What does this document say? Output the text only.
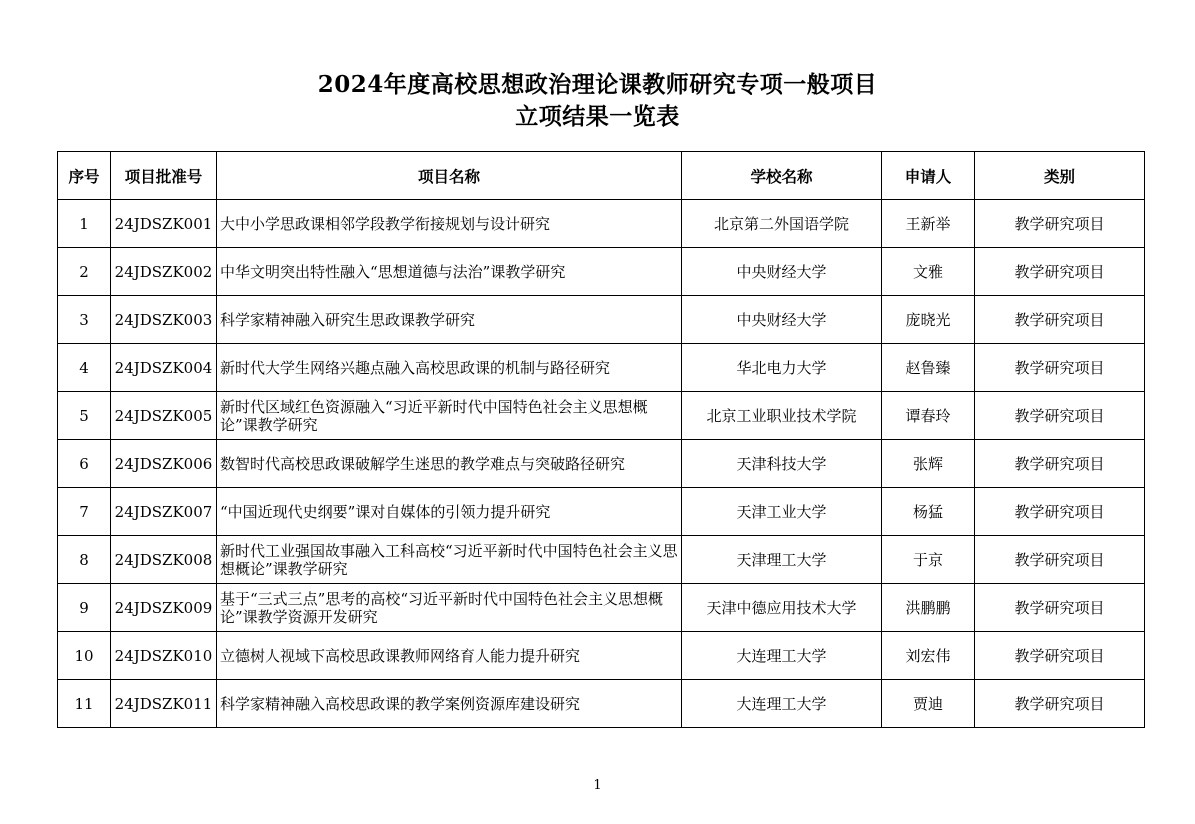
2024年度高校思想政治理论课教师研究专项一般项目
立项结果一览表
序号	项目批准号	项目名称	学校名称	申请人	类别
1	24JDSZK001	大中小学思政课相邻学段教学衔接规划与设计研究	北京第二外国语学院	王新举	教学研究项目
2	24JDSZK002	中华文明突出特性融入“思想道德与法治”课教学研究	中央财经大学	文雅	教学研究项目
3	24JDSZK003	科学家精神融入研究生思政课教学研究	中央财经大学	庞晓光	教学研究项目
4	24JDSZK004	新时代大学生网络兴趣点融入高校思政课的机制与路径研究	华北电力大学	赵鲁臻	教学研究项目
5	24JDSZK005	新时代区域红色资源融入“习近平新时代中国特色社会主义思想概论”课教学研究	北京工业职业技术学院	谭春玲	教学研究项目
6	24JDSZK006	数智时代高校思政课破解学生迷思的教学难点与突破路径研究	天津科技大学	张辉	教学研究项目
7	24JDSZK007	“中国近现代史纲要”课对自媒体的引领力提升研究	天津工业大学	杨猛	教学研究项目
8	24JDSZK008	新时代工业强国故事融入工科高校“习近平新时代中国特色社会主义思想概论”课教学研究	天津理工大学	于京	教学研究项目
9	24JDSZK009	基于“三式三点”思考的高校“习近平新时代中国特色社会主义思想概论”课教学资源开发研究	天津中德应用技术大学	洪鹏鹏	教学研究项目
10	24JDSZK010	立德树人视域下高校思政课教师网络育人能力提升研究	大连理工大学	刘宏伟	教学研究项目
11	24JDSZK011	科学家精神融入高校思政课的教学案例资源库建设研究	大连理工大学	贾迪	教学研究项目
1
